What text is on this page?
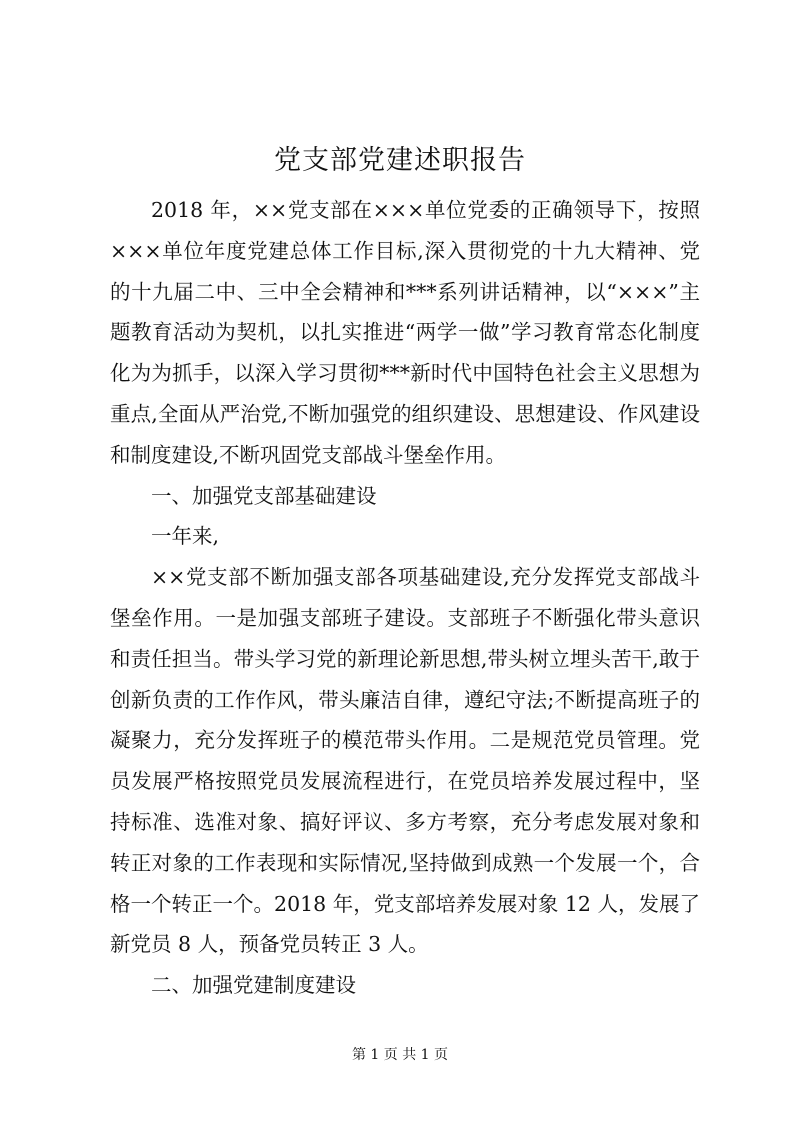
党支部党建述职报告

2018 年，××党支部在×××单位党委的正确领导下，按照×××单位年度党建总体工作目标,深入贯彻党的十九大精神、党的十九届二中、三中全会精神和***系列讲话精神，以“×××”主题教育活动为契机，以扎实推进“两学一做”学习教育常态化制度化为为抓手，以深入学习贯彻***新时代中国特色社会主义思想为重点,全面从严治党,不断加强党的组织建设、思想建设、作风建设和制度建设,不断巩固党支部战斗堡垒作用。

一、加强党支部基础建设

一年来,

××党支部不断加强支部各项基础建设,充分发挥党支部战斗堡垒作用。一是加强支部班子建设。支部班子不断强化带头意识和责任担当。带头学习党的新理论新思想,带头树立埋头苦干,敢于创新负责的工作作风，带头廉洁自律，遵纪守法;不断提高班子的凝聚力，充分发挥班子的模范带头作用。二是规范党员管理。党员发展严格按照党员发展流程进行，在党员培养发展过程中，坚持标准、选准对象、搞好评议、多方考察，充分考虑发展对象和转正对象的工作表现和实际情况,坚持做到成熟一个发展一个，合格一个转正一个。2018 年，党支部培养发展对象 12 人，发展了新党员 8 人，预备党员转正 3 人。

二、加强党建制度建设

第 1 页 共 1 页
